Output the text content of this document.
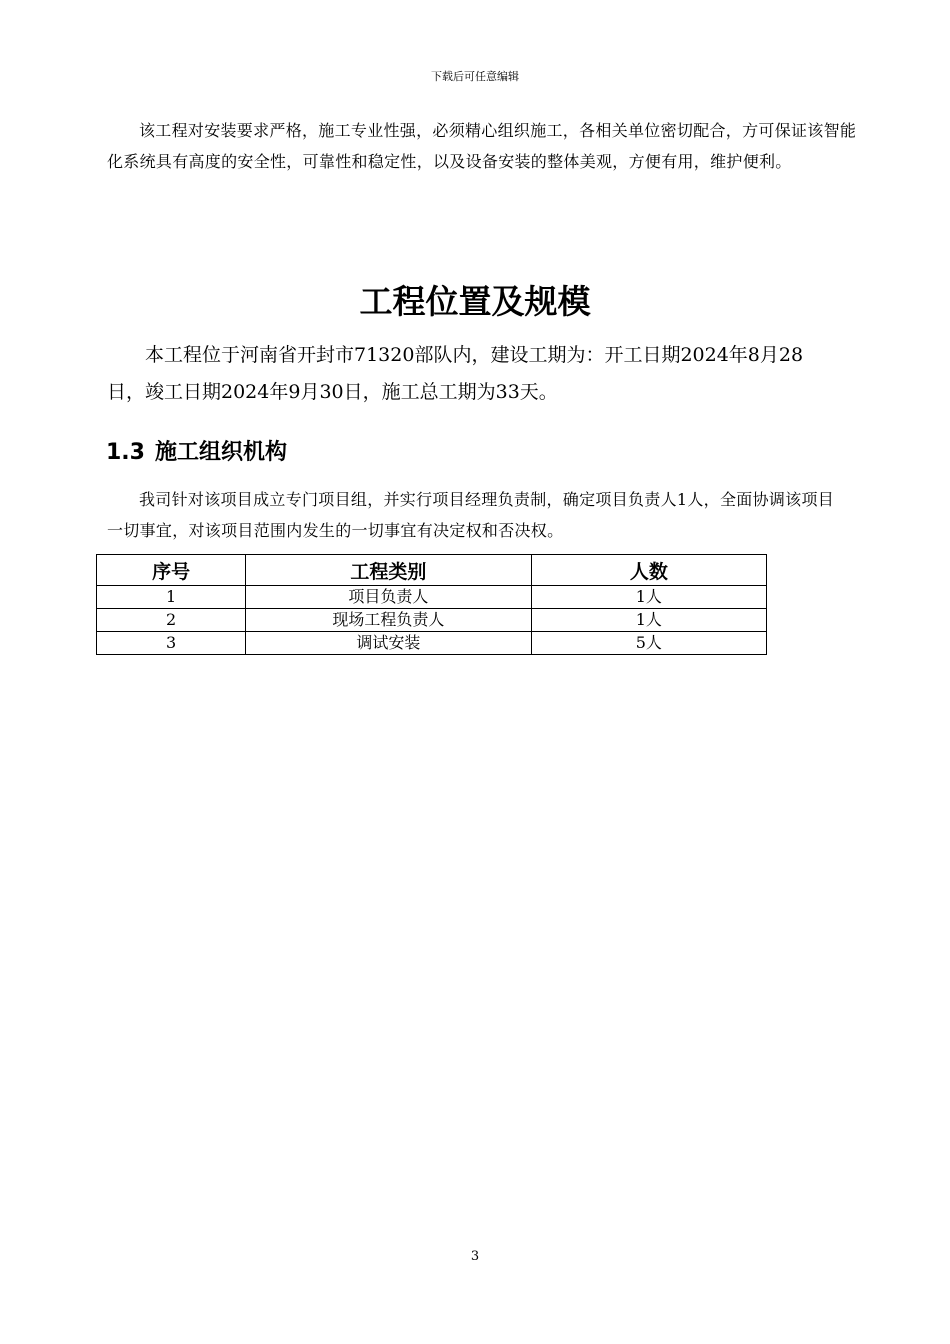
下载后可任意编辑

该工程对安装要求严格，施工专业性强，必须精心组织施工，各相关单位密切配合，方可保证该智能化系统具有高度的安全性，可靠性和稳定性，以及设备安装的整体美观，方便有用，维护便利。

工程位置及规模

本工程位于河南省开封市71320部队内，建设工期为：开工日期2024年8月28日，竣工日期2024年9月30日，施工总工期为33天。

1.3 施工组织机构

我司针对该项目成立专门项目组，并实行项目经理负责制，确定项目负责人1人，全面协调该项目一切事宜，对该项目范围内发生的一切事宜有决定权和否决权。

序号	工程类别	人数
1	项目负责人	1人
2	现场工程负责人	1人
3	调试安装	5人
3
